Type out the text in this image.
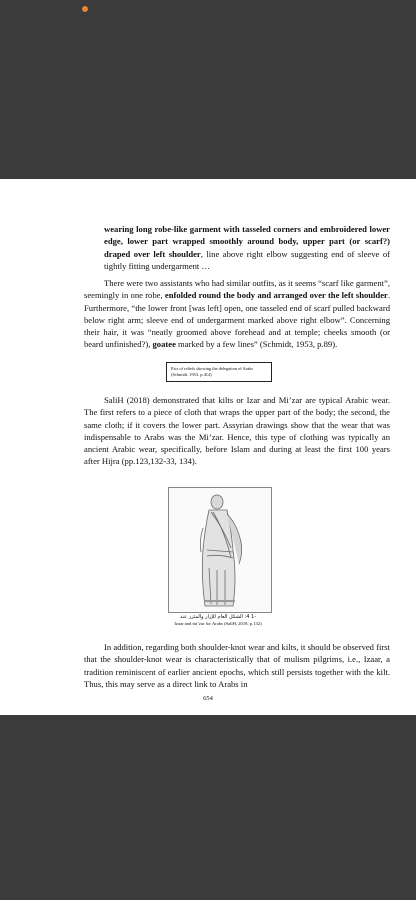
wearing long robe-like garment with tasseled corners and embroidered lower edge, lower part wrapped smoothly around body, upper part (or scarf?) draped over left shoulder, line above right elbow suggesting end of sleeve of tightly fitting undergarment …

There were two assistants who had similar outfits, as it seems “scarf like garment”, seemingly in one robe, enfolded round the body and arranged over the left shoulder. Furthermore, “the lower front [was left] open, one tasseled end of scarf pulled backward below right arm; sleeve end of undergarment marked above right elbow”. Concerning their hair, it was “neatly groomed above forehead and at temple; cheeks smooth (or beard unfinished?), goatee marked by a few lines” (Schmidt, 1953, p.89).

Pics of reliefs showing the delegation of Arabs
(Schmidt, 1953, p.414)

SaliH (2018) demonstrated that kilts or Izar and Mi’zar are typical Arabic wear. The first refers to a piece of cloth that wraps the upper part of the body; the second, the same cloth; if it covers the lower part. Assyrian drawings show that the wear that was indispensable to Arabs was the Mi’zar. Hence, this type of clothing was typically an ancient Arabic wear, specifically, before Islam and during at least the first 100 years after Hijra (pp.123,132-33, 134).

-1 4: الشكل العام للإزار والمئزر عند
Izaar and mi’zar for Arabs (SaliH, 2018, p.132)

In addition, regarding both shoulder-knot wear and kilts, it should be observed first that the shoulder-knot wear is characteristically that of mulism pilgrims, i.e., Izaar, a tradition reminiscent of earlier ancient epochs, which still persists together with the kilt. Thus, this may serve as a direct link to Arabs in

654
